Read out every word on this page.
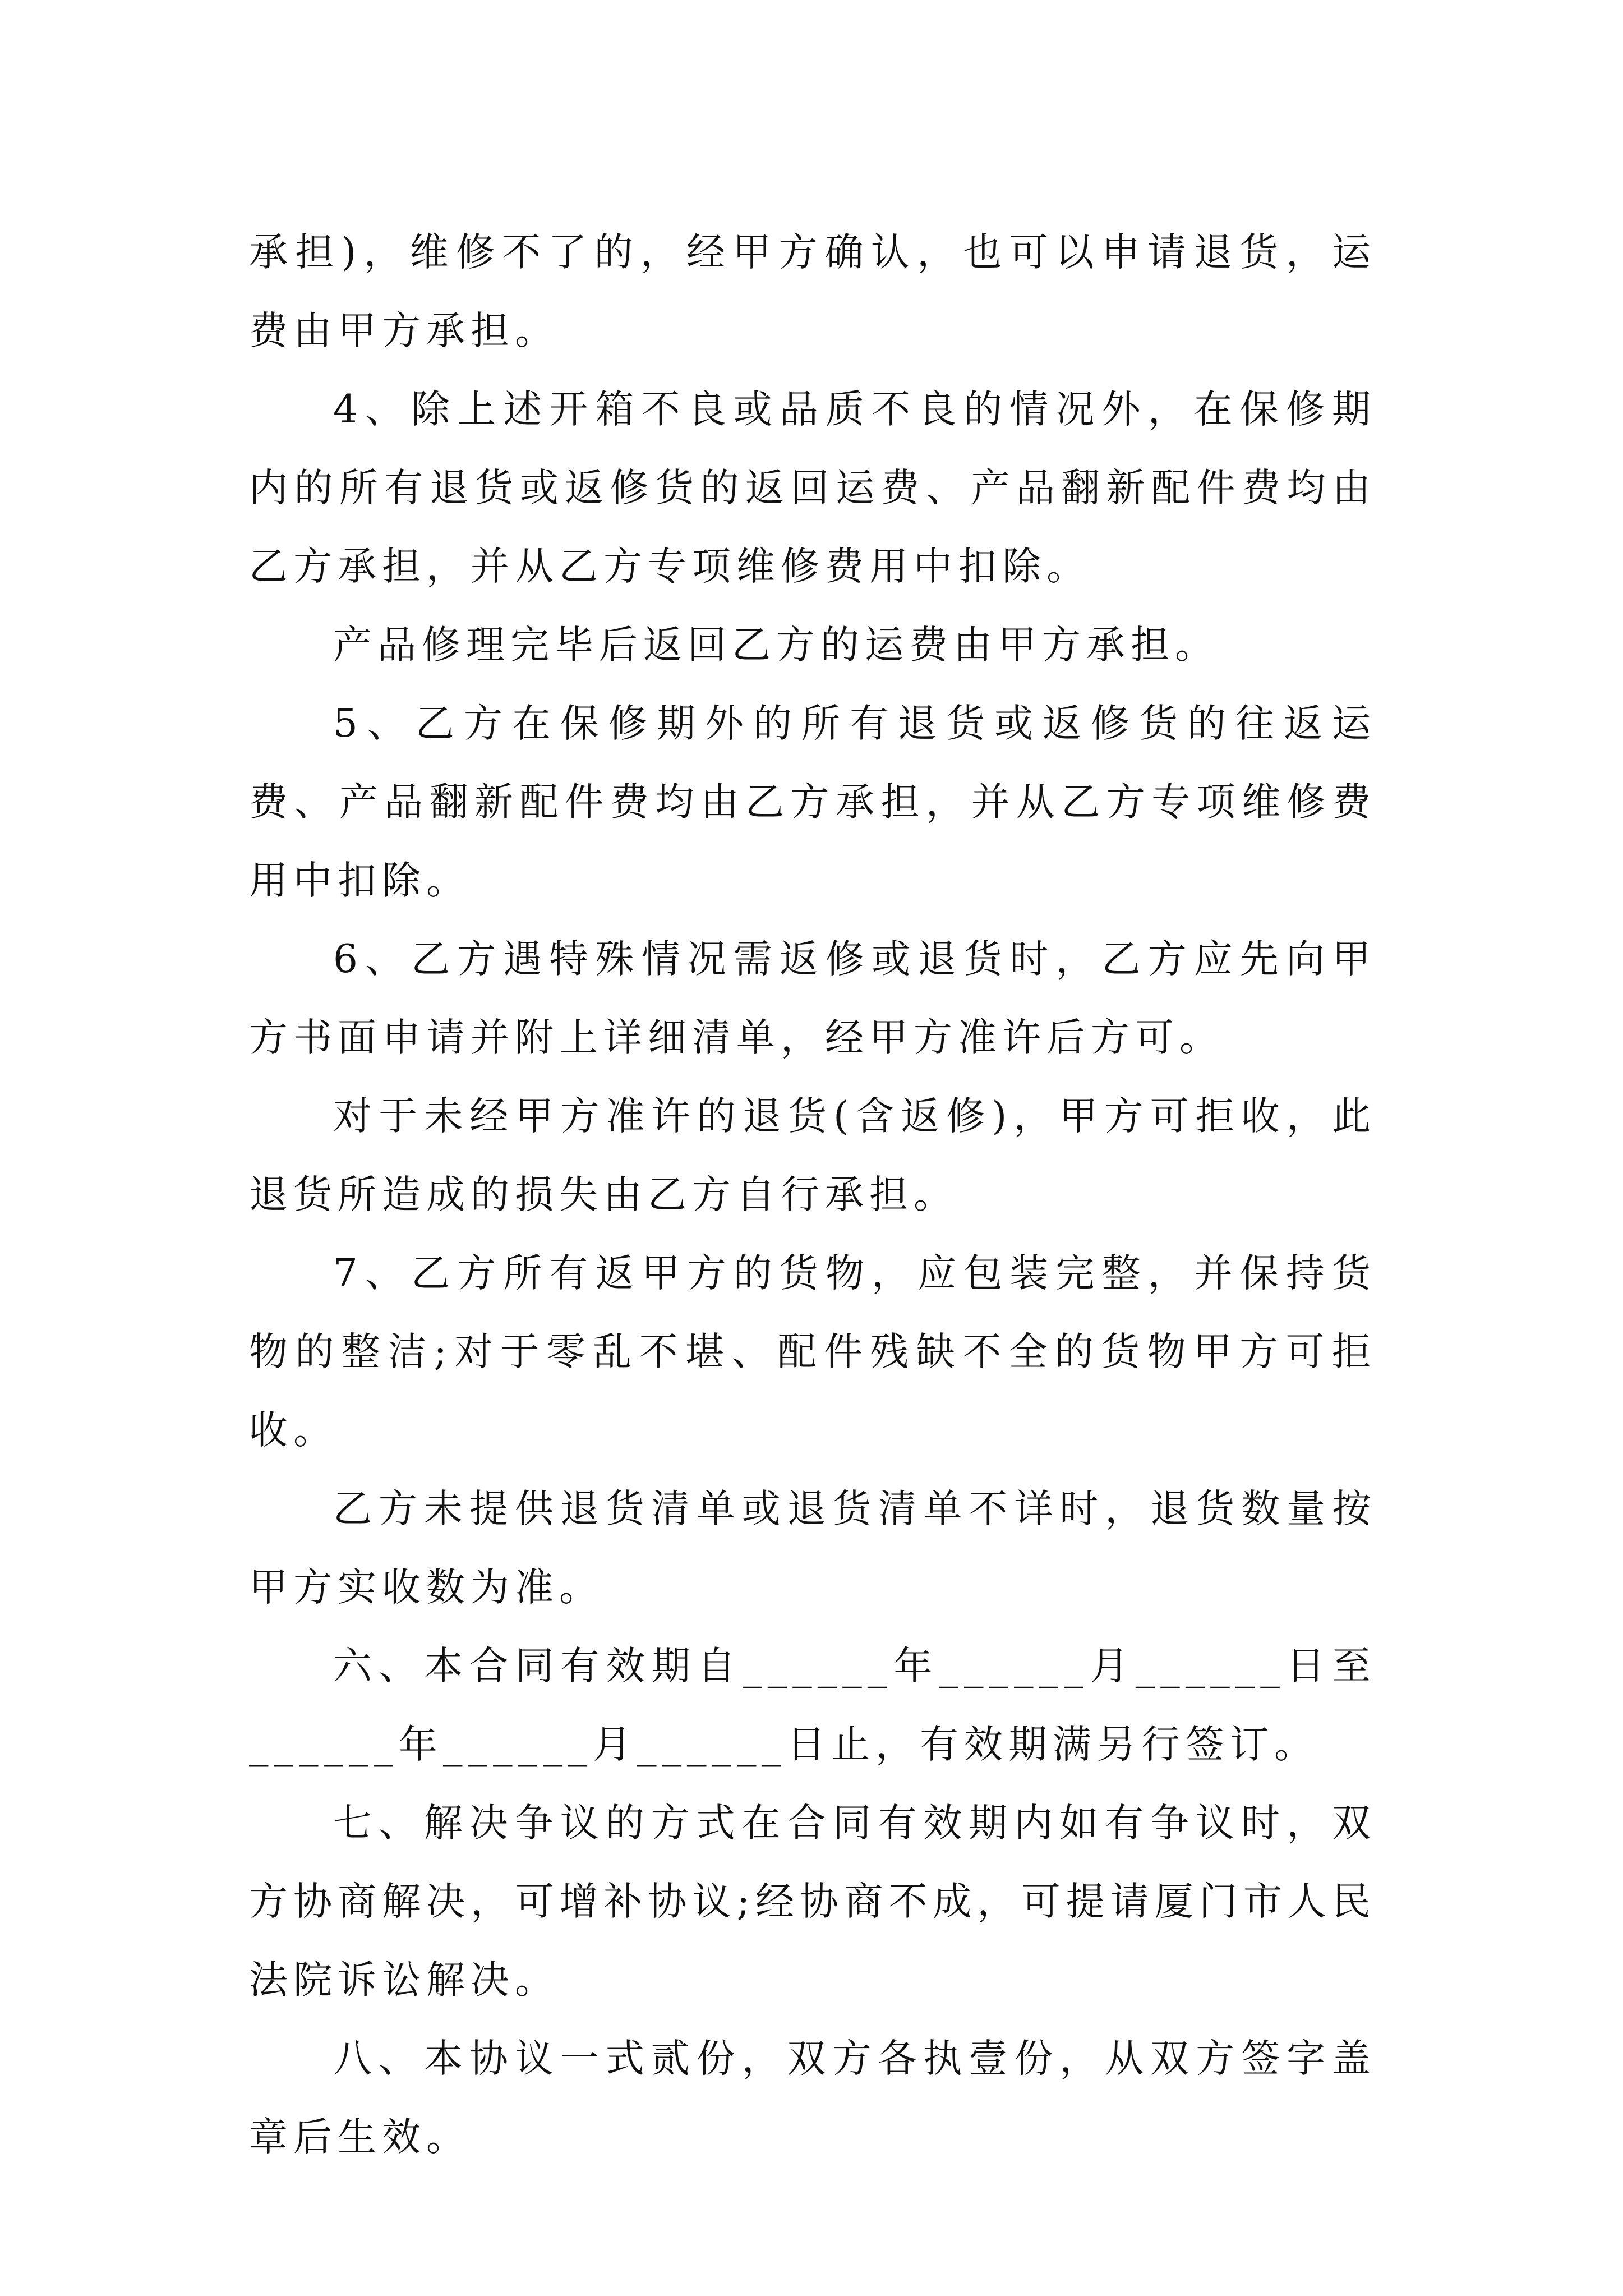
承担)，维修不了的，经甲方确认，也可以申请退货，运费由甲方承担。

4、除上述开箱不良或品质不良的情况外，在保修期内的所有退货或返修货的返回运费、产品翻新配件费均由乙方承担，并从乙方专项维修费用中扣除。

产品修理完毕后返回乙方的运费由甲方承担。

5、乙方在保修期外的所有退货或返修货的往返运费、产品翻新配件费均由乙方承担，并从乙方专项维修费用中扣除。

6、乙方遇特殊情况需返修或退货时，乙方应先向甲方书面申请并附上详细清单，经甲方准许后方可。

对于未经甲方准许的退货(含返修)，甲方可拒收，此退货所造成的损失由乙方自行承担。

7、乙方所有返甲方的货物，应包装完整，并保持货物的整洁;对于零乱不堪、配件残缺不全的货物甲方可拒收。

乙方未提供退货清单或退货清单不详时，退货数量按甲方实收数为准。

六、本合同有效期自______年______月______日至______年______月______日止，有效期满另行签订。

七、解决争议的方式在合同有效期内如有争议时，双方协商解决，可增补协议;经协商不成，可提请厦门市人民法院诉讼解决。

八、本协议一式贰份，双方各执壹份，从双方签字盖章后生效。
